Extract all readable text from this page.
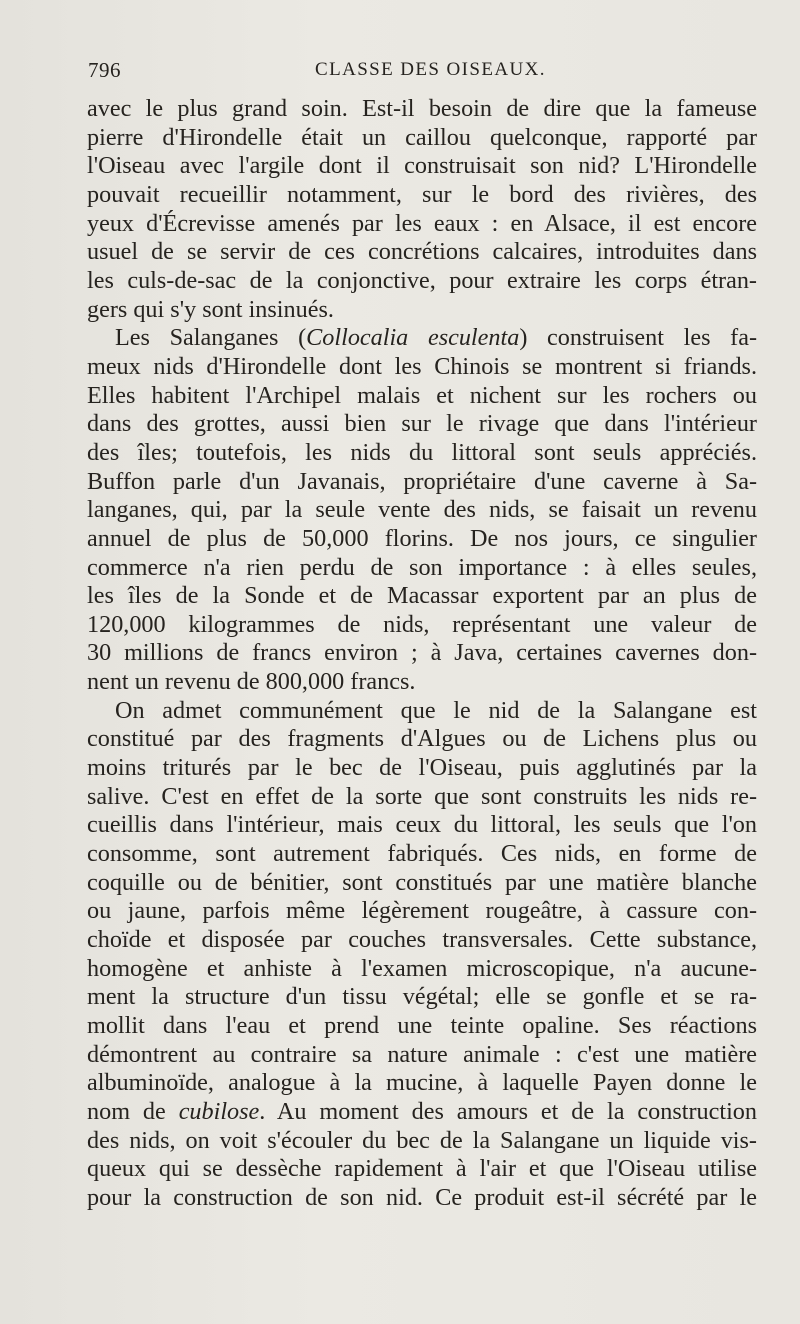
796	CLASSE DES OISEAUX.
avec le plus grand soin. Est-il besoin de dire que la fameuse
pierre d'Hirondelle était un caillou quelconque, rapporté par
l'Oiseau avec l'argile dont il construisait son nid? L'Hirondelle
pouvait recueillir notamment, sur le bord des rivières, des
yeux d'Écrevisse amenés par les eaux : en Alsace, il est encore
usuel de se servir de ces concrétions calcaires, introduites dans
les culs-de-sac de la conjonctive, pour extraire les corps étran-
gers qui s'y sont insinués.
Les Salanganes (Collocalia esculenta) construisent les fa-
meux nids d'Hirondelle dont les Chinois se montrent si friands.
Elles habitent l'Archipel malais et nichent sur les rochers ou
dans des grottes, aussi bien sur le rivage que dans l'intérieur
des îles; toutefois, les nids du littoral sont seuls appréciés.
Buffon parle d'un Javanais, propriétaire d'une caverne à Sa-
langanes, qui, par la seule vente des nids, se faisait un revenu
annuel de plus de 50,000 florins. De nos jours, ce singulier
commerce n'a rien perdu de son importance : à elles seules,
les îles de la Sonde et de Macassar exportent par an plus de
120,000 kilogrammes de nids, représentant une valeur de
30 millions de francs environ ; à Java, certaines cavernes don-
nent un revenu de 800,000 francs.
On admet communément que le nid de la Salangane est
constitué par des fragments d'Algues ou de Lichens plus ou
moins triturés par le bec de l'Oiseau, puis agglutinés par la
salive. C'est en effet de la sorte que sont construits les nids re-
cueillis dans l'intérieur, mais ceux du littoral, les seuls que l'on
consomme, sont autrement fabriqués. Ces nids, en forme de
coquille ou de bénitier, sont constitués par une matière blanche
ou jaune, parfois même légèrement rougeâtre, à cassure con-
choïde et disposée par couches transversales. Cette substance,
homogène et anhiste à l'examen microscopique, n'a aucune-
ment la structure d'un tissu végétal; elle se gonfle et se ra-
mollit dans l'eau et prend une teinte opaline. Ses réactions
démontrent au contraire sa nature animale : c'est une matière
albuminoïde, analogue à la mucine, à laquelle Payen donne le
nom de cubilose. Au moment des amours et de la construction
des nids, on voit s'écouler du bec de la Salangane un liquide vis-
queux qui se dessèche rapidement à l'air et que l'Oiseau utilise
pour la construction de son nid. Ce produit est-il sécrété par le
